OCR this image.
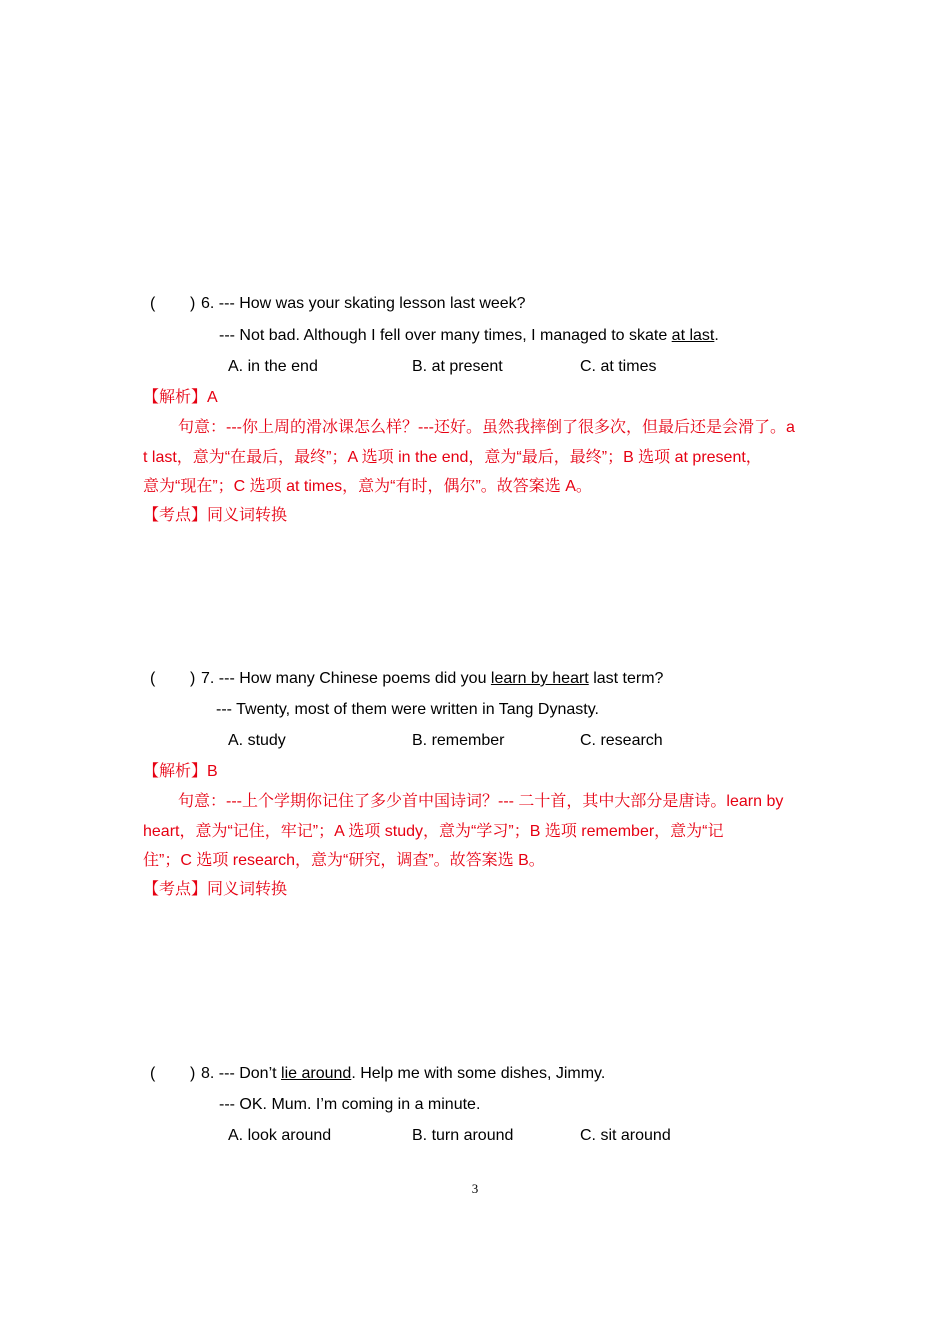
( ) 6. --- How was your skating lesson last week?
--- Not bad. Although I fell over many times, I managed to skate at last.
A. in the end	B. at present	C. at times
【解析】A
句意：---你上周的滑冰课怎么样？---还好。虽然我摔倒了很多次，但最后还是会滑了。a
t last，意为“在最后，最终”；A 选项 in the end，意为“最后，最终”；B 选项 at present，
意为“现在”；C 选项 at times，意为“有时，偶尔”。故答案选 A。
【考点】同义词转换
( ) 7. --- How many Chinese poems did you learn by heart last term?
--- Twenty, most of them were written in Tang Dynasty.
A. study	B. remember	C. research
【解析】B
句意：---上个学期你记住了多少首中国诗词？--- 二十首，其中大部分是唐诗。learn by
heart，意为“记住，牢记”；A 选项 study，意为“学习”；B 选项 remember，意为“记
住”；C 选项 research，意为“研究，调查”。故答案选 B。
【考点】同义词转换
( ) 8. --- Don’t lie around. Help me with some dishes, Jimmy.
--- OK. Mum. I’m coming in a minute.
A. look around	B. turn around	C. sit around
3
